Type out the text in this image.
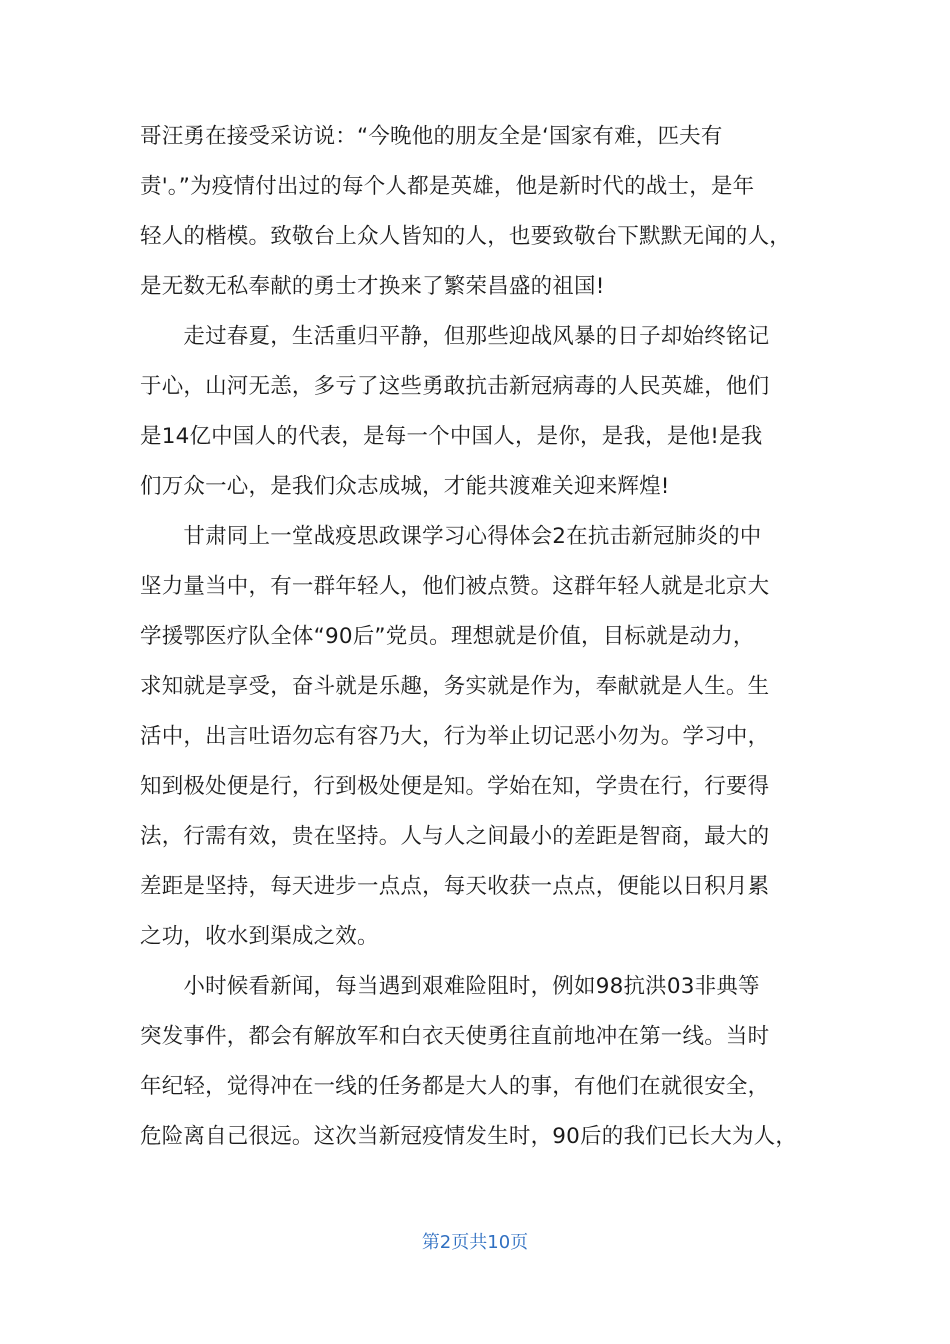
哥汪勇在接受采访说：“今晚他的朋友全是‘国家有难，匹夫有
责'。”为疫情付出过的每个人都是英雄，他是新时代的战士，是年
轻人的楷模。致敬台上众人皆知的人，也要致敬台下默默无闻的人，
是无数无私奉献的勇士才换来了繁荣昌盛的祖国!
　　走过春夏，生活重归平静，但那些迎战风暴的日子却始终铭记
于心，山河无恙，多亏了这些勇敢抗击新冠病毒的人民英雄，他们
是14亿中国人的代表，是每一个中国人，是你，是我，是他!是我
们万众一心，是我们众志成城，才能共渡难关迎来辉煌!
　　甘肃同上一堂战疫思政课学习心得体会2在抗击新冠肺炎的中
坚力量当中，有一群年轻人，他们被点赞。这群年轻人就是北京大
学援鄂医疗队全体“90后”党员。理想就是价值，目标就是动力，
求知就是享受，奋斗就是乐趣，务实就是作为，奉献就是人生。生
活中，出言吐语勿忘有容乃大，行为举止切记恶小勿为。学习中，
知到极处便是行，行到极处便是知。学始在知，学贵在行，行要得
法，行需有效，贵在坚持。人与人之间最小的差距是智商，最大的
差距是坚持，每天进步一点点，每天收获一点点，便能以日积月累
之功，收水到渠成之效。
　　小时候看新闻，每当遇到艰难险阻时，例如98抗洪03非典等
突发事件，都会有解放军和白衣天使勇往直前地冲在第一线。当时
年纪轻，觉得冲在一线的任务都是大人的事，有他们在就很安全，
危险离自己很远。这次当新冠疫情发生时，90后的我们已长大为人，
第2页共10页
